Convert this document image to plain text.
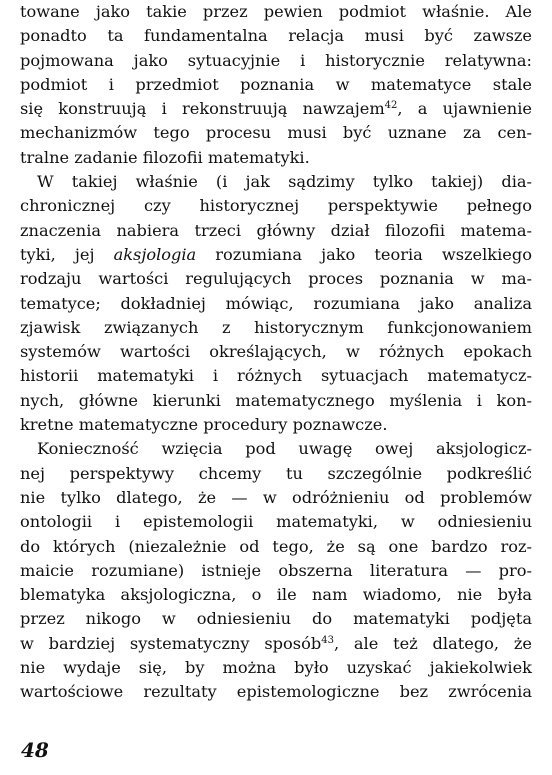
towane jako takie przez pewien podmiot właśnie. Ale
ponadto ta fundamentalna relacja musi być zawsze
pojmowana jako sytuacyjnie i historycznie relatywna:
podmiot i przedmiot poznania w matematyce stale
się konstruują i rekonstruują nawzajem$^{42}$, a ujawnienie
mechanizmów tego procesu musi być uznane za cen-
tralne zadanie filozofii matematyki.
W takiej właśnie (i jak sądzimy tylko takiej) dia-
chronicznej czy historycznej perspektywie pełnego
znaczenia nabiera trzeci główny dział filozofii matema-
tyki, jej aksjologia rozumiana jako teoria wszelkiego
rodzaju wartości regulujących proces poznania w ma-
tematyce; dokładniej mówiąc, rozumiana jako analiza
zjawisk związanych z historycznym funkcjonowaniem
systemów wartości określających, w różnych epokach
historii matematyki i różnych sytuacjach matematycz-
nych, główne kierunki matematycznego myślenia i kon-
kretne matematyczne procedury poznawcze.
Konieczność wzięcia pod uwagę owej aksjologicz-
nej perspektywy chcemy tu szczególnie podkreślić
nie tylko dlatego, że — w odróżnieniu od problemów
ontologii i epistemologii matematyki, w odniesieniu
do których (niezależnie od tego, że są one bardzo roz-
maicie rozumiane) istnieje obszerna literatura — pro-
blematyka aksjologiczna, o ile nam wiadomo, nie była
przez nikogo w odniesieniu do matematyki podjęta
w bardziej systematyczny sposób$^{43}$, ale też dlatego, że
nie wydaje się, by można było uzyskać jakiekolwiek
wartościowe rezultaty epistemologiczne bez zwrócenia
48
